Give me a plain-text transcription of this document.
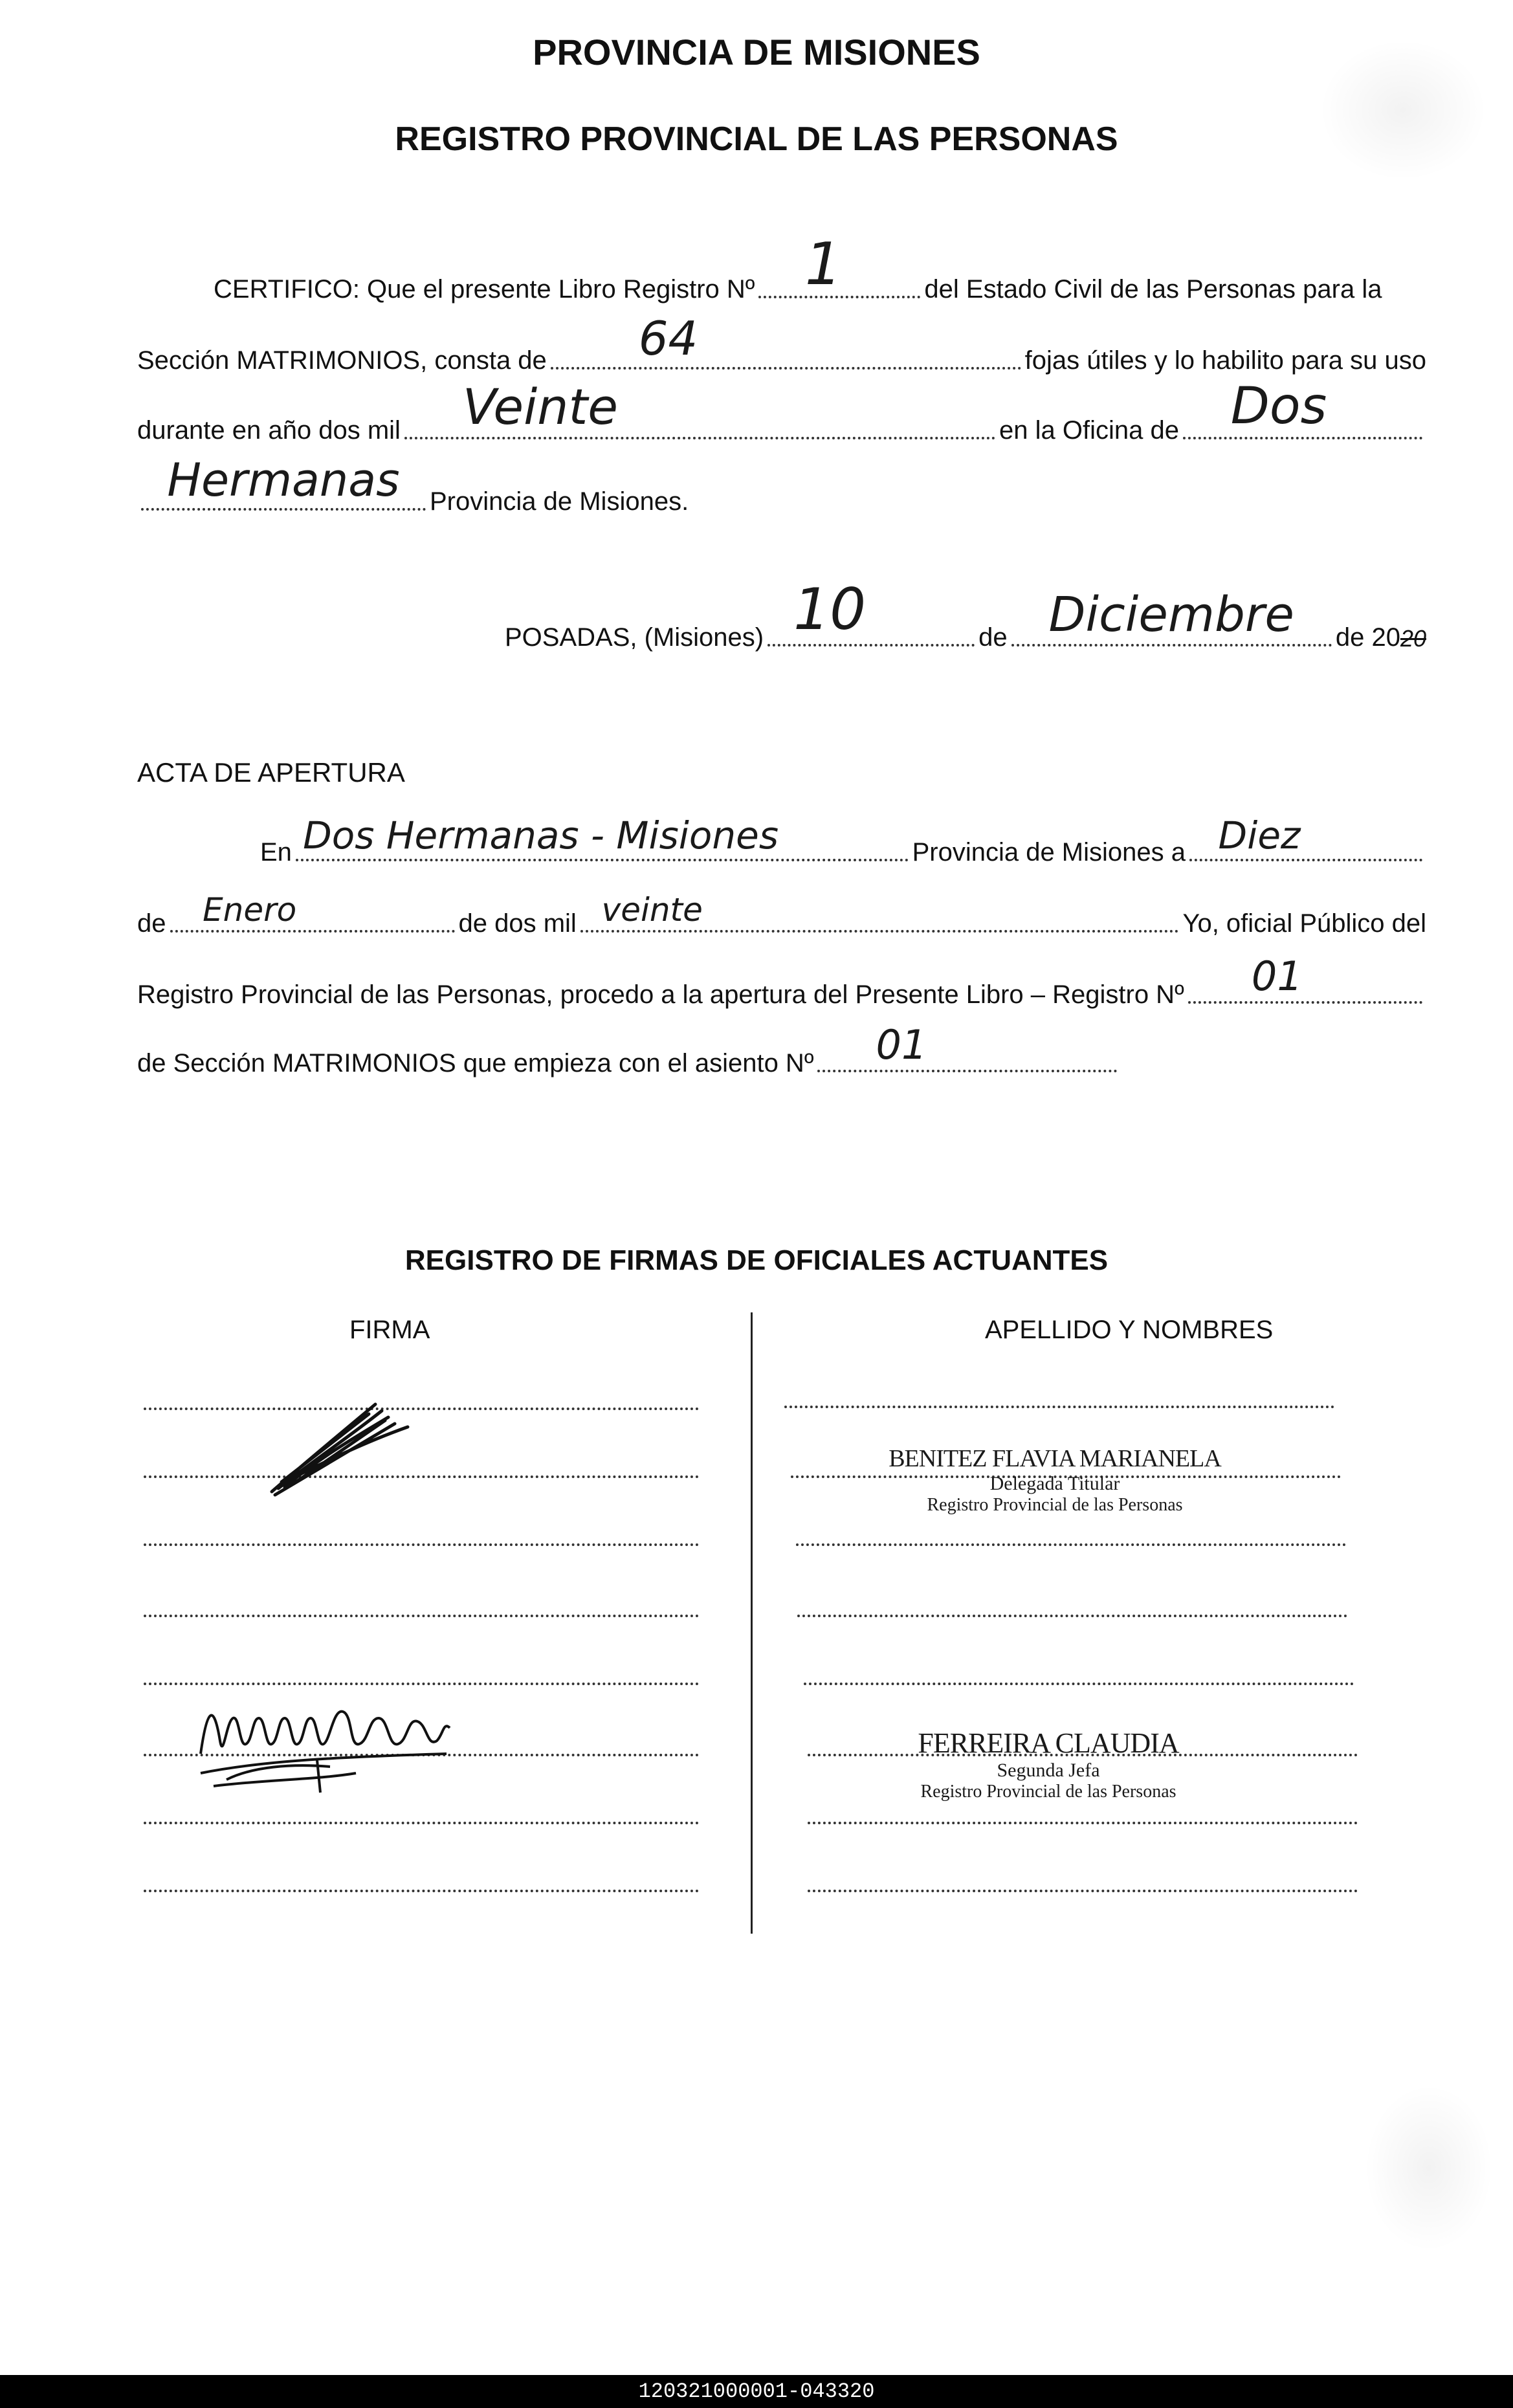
PROVINCIA DE MISIONES
REGISTRO PROVINCIAL DE LAS PERSONAS
CERTIFICO: Que el presente Libro Registro Nº 1	del Estado Civil de las Personas para la
Sección MATRIMONIOS, consta de 64	fojas útiles y lo habilito para su uso
durante en año dos mil Veinte	en la Oficina de Dos
Hermanas Provincia de Misiones.
POSADAS, (Misiones) 10	de Diciembre de 20 20
ACTA DE APERTURA
En Dos Hermanas - Misiones	Provincia de Misiones a Diez
de Enero	de dos mil veinte	Yo, oficial Público del
Registro Provincial de las Personas, procedo a la apertura del Presente Libro – Registro Nº 01
de Sección MATRIMONIOS que empieza con el asiento Nº 01
REGISTRO DE FIRMAS DE OFICIALES ACTUANTES
FIRMA	APELLIDO Y NOMBRES
BENITEZ FLAVIA MARIANELA
Delegada Titular
Registro Provincial de las Personas
FERREIRA CLAUDIA
Segunda Jefa
Registro Provincial de las Personas
120321000001-043320
